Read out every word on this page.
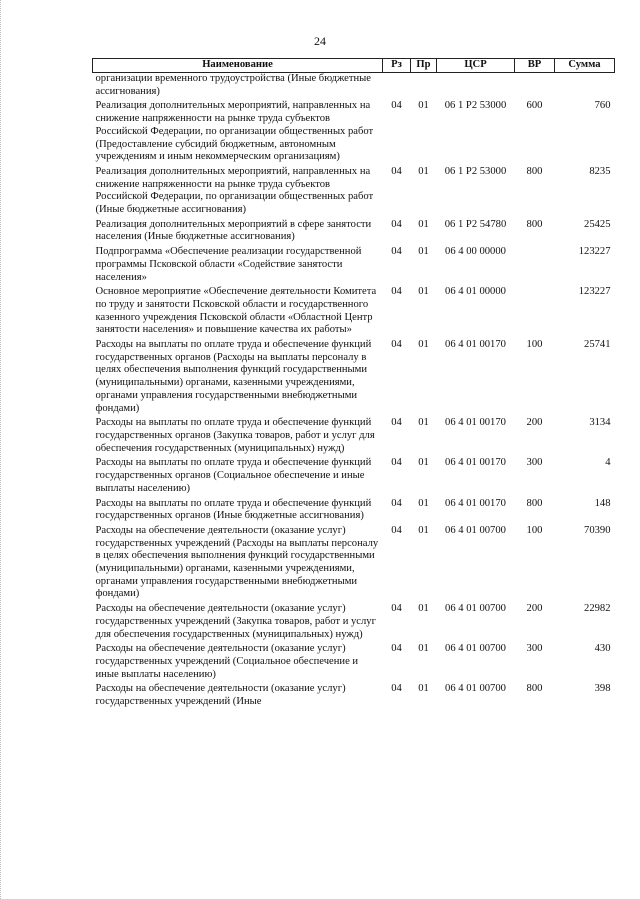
24
Наименование	Рз	Пр	ЦСР	ВР	Сумма
организации временного трудоустройства (Иные бюджетные ассигнования)					
Реализация дополнительных мероприятий, направленных на снижение напряженности на рынке труда субъектов Российской Федерации, по организации общественных работ (Предоставление субсидий бюджетным, автономным учреждениям и иным некоммерческим организациям)	04	01	06 1 P2 53000	600	760
Реализация дополнительных мероприятий, направленных на снижение напряженности на рынке труда субъектов Российской Федерации, по организации общественных работ (Иные бюджетные ассигнования)	04	01	06 1 P2 53000	800	8235
Реализация дополнительных мероприятий в сфере занятости населения (Иные бюджетные ассигнования)	04	01	06 1 P2 54780	800	25425
Подпрограмма «Обеспечение реализации государственной программы Псковской области «Содействие занятости населения»	04	01	06 4 00 00000		123227
Основное мероприятие «Обеспечение деятельности Комитета по труду и занятости Псковской области и государственного казенного учреждения Псковской области «Областной Центр занятости населения» и повышение качества их работы»	04	01	06 4 01 00000		123227
Расходы на выплаты по оплате труда и обеспечение функций государственных органов (Расходы на выплаты персоналу в целях обеспечения выполнения функций государственными (муниципальными) органами, казенными учреждениями, органами управления государственными внебюджетными фондами)	04	01	06 4 01 00170	100	25741
Расходы на выплаты по оплате труда и обеспечение функций государственных органов (Закупка товаров, работ и услуг для обеспечения государственных (муниципальных) нужд)	04	01	06 4 01 00170	200	3134
Расходы на выплаты по оплате труда и обеспечение функций государственных органов (Социальное обеспечение и иные выплаты населению)	04	01	06 4 01 00170	300	4
Расходы на выплаты по оплате труда и обеспечение функций государственных органов (Иные бюджетные ассигнования)	04	01	06 4 01 00170	800	148
Расходы на обеспечение деятельности (оказание услуг) государственных учреждений (Расходы на выплаты персоналу в целях обеспечения выполнения функций государственными (муниципальными) органами, казенными учреждениями, органами управления государственными внебюджетными фондами)	04	01	06 4 01 00700	100	70390
Расходы на обеспечение деятельности (оказание услуг) государственных учреждений (Закупка товаров, работ и услуг для обеспечения государственных (муниципальных) нужд)	04	01	06 4 01 00700	200	22982
Расходы на обеспечение деятельности (оказание услуг) государственных учреждений (Социальное обеспечение и иные выплаты населению)	04	01	06 4 01 00700	300	430
Расходы на обеспечение деятельности (оказание услуг) государственных учреждений (Иные	04	01	06 4 01 00700	800	398
